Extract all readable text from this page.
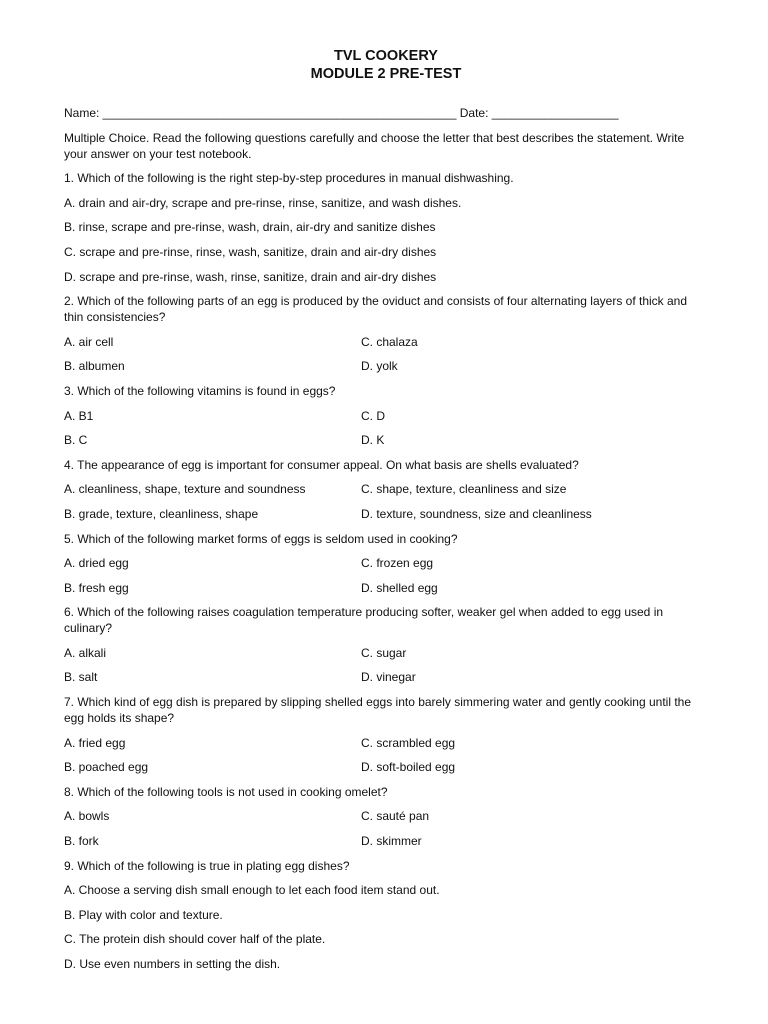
TVL COOKERY

MODULE 2 PRE-TEST

Name: _____________________________________________________ Date: ___________________

Multiple Choice. Read the following questions carefully and choose the letter that best describes the statement. Write your answer on your test notebook.

1. Which of the following is the right step-by-step procedures in manual dishwashing.

A. drain and air-dry, scrape and pre-rinse, rinse, sanitize, and wash dishes.

B. rinse, scrape and pre-rinse, wash, drain, air-dry and sanitize dishes

C. scrape and pre-rinse, rinse, wash, sanitize, drain and air-dry dishes

D. scrape and pre-rinse, wash, rinse, sanitize, drain and air-dry dishes

2. Which of the following parts of an egg is produced by the oviduct and consists of four alternating layers of thick and thin consistencies?

A. air cell	C. chalaza
B. albumen	D. yolk

3. Which of the following vitamins is found in eggs?

A. B1	C. D
B. C	D. K

4. The appearance of egg is important for consumer appeal. On what basis are shells evaluated?

A. cleanliness, shape, texture and soundness	C. shape, texture, cleanliness and size
B. grade, texture, cleanliness, shape	D. texture, soundness, size and cleanliness

5. Which of the following market forms of eggs is seldom used in cooking?

A. dried egg	C. frozen egg
B. fresh egg	D. shelled egg

6. Which of the following raises coagulation temperature producing softer, weaker gel when added to egg used in culinary?

A. alkali	C. sugar
B. salt	D. vinegar

7. Which kind of egg dish is prepared by slipping shelled eggs into barely simmering water and gently cooking until the egg holds its shape?

A. fried egg	C. scrambled egg
B. poached egg	D. soft-boiled egg

8. Which of the following tools is not used in cooking omelet?

A. bowls	C. sauté pan
B. fork	D. skimmer

9. Which of the following is true in plating egg dishes?

A. Choose a serving dish small enough to let each food item stand out.

B. Play with color and texture.

C. The protein dish should cover half of the plate.

D. Use even numbers in setting the dish.
